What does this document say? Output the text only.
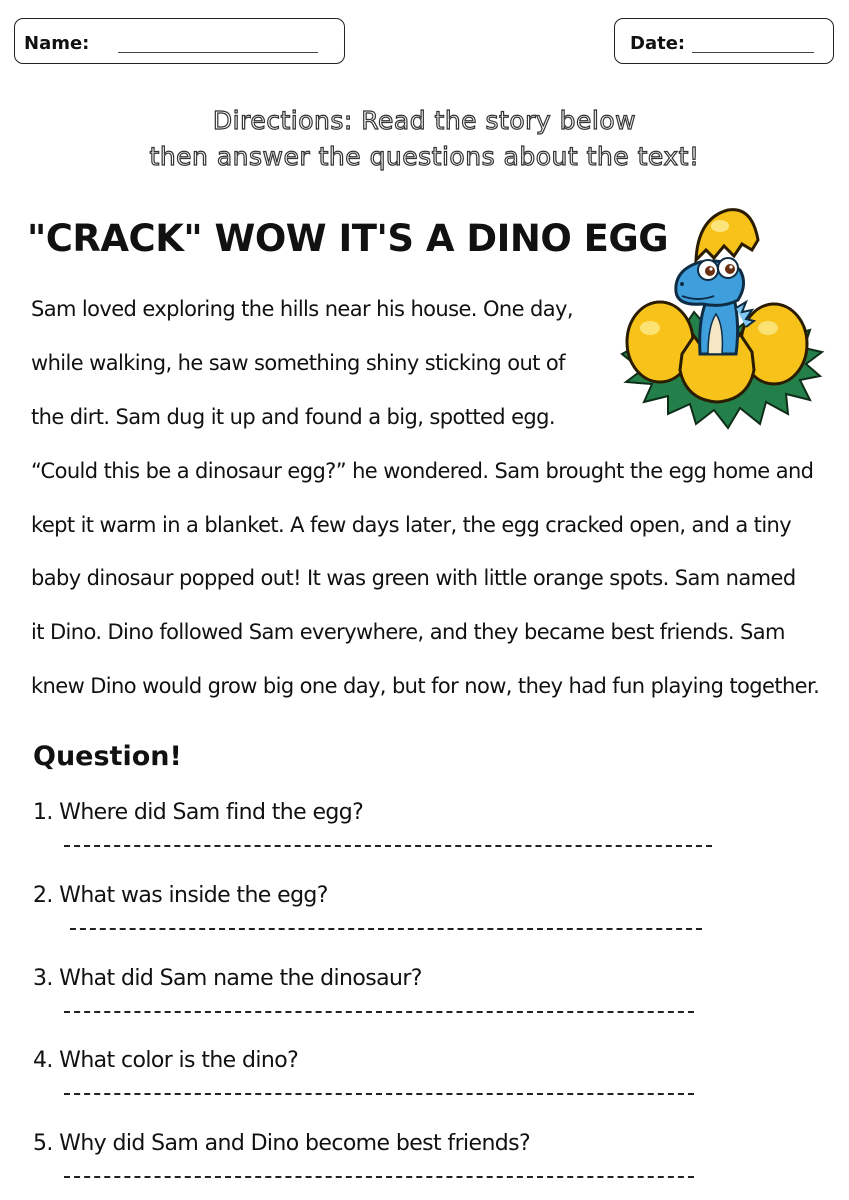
Name:	Date:
Directions: Read the story below
then answer the questions about the text!
"CRACK" WOW IT'S A DINO EGG

Sam loved exploring the hills near his house. One day,

while walking, he saw something shiny sticking out of

the dirt. Sam dug it up and found a big, spotted egg.

“Could this be a dinosaur egg?” he wondered. Sam brought the egg home and

kept it warm in a blanket. A few days later, the egg cracked open, and a tiny

baby dinosaur popped out! It was green with little orange spots. Sam named

it Dino. Dino followed Sam everywhere, and they became best friends. Sam

knew Dino would grow big one day, but for now, they had fun playing together.

Question!
1. Where did Sam find the egg?
2. What was inside the egg?
3. What did Sam name the dinosaur?
4. What color is the dino?
5. Why did Sam and Dino become best friends?
